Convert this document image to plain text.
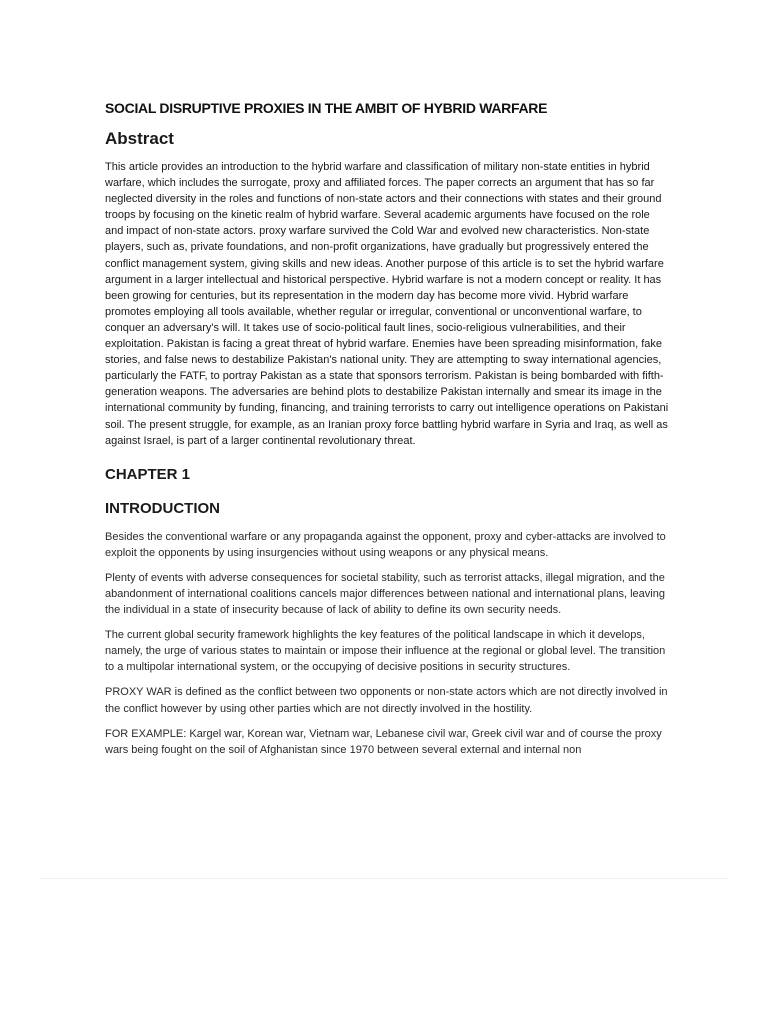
SOCIAL DISRUPTIVE PROXIES IN THE AMBIT OF HYBRID WARFARE
Abstract

This article provides an introduction to the hybrid warfare and classification of military non-state entities in hybrid warfare, which includes the surrogate, proxy and affiliated forces. The paper corrects an argument that has so far neglected diversity in the roles and functions of non-state actors and their connections with states and their ground troops by focusing on the kinetic realm of hybrid warfare. Several academic arguments have focused on the role and impact of non-state actors. proxy warfare survived the Cold War and evolved new characteristics. Non-state players, such as, private foundations, and non-profit organizations, have gradually but progressively entered the conflict management system, giving skills and new ideas. Another purpose of this article is to set the hybrid warfare argument in a larger intellectual and historical perspective. Hybrid warfare is not a modern concept or reality. It has been growing for centuries, but its representation in the modern day has become more vivid. Hybrid warfare promotes employing all tools available, whether regular or irregular, conventional or unconventional warfare, to conquer an adversary's will. It takes use of socio-political fault lines, socio-religious vulnerabilities, and their exploitation. Pakistan is facing a great threat of hybrid warfare. Enemies have been spreading misinformation, fake stories, and false news to destabilize Pakistan's national unity. They are attempting to sway international agencies, particularly the FATF, to portray Pakistan as a state that sponsors terrorism. Pakistan is being bombarded with fifth-generation weapons. The adversaries are behind plots to destabilize Pakistan internally and smear its image in the international community by funding, financing, and training terrorists to carry out intelligence operations on Pakistani soil. The present struggle, for example, as an Iranian proxy force battling hybrid warfare in Syria and Iraq, as well as against Israel, is part of a larger continental revolutionary threat.

CHAPTER 1
INTRODUCTION

Besides the conventional warfare or any propaganda against the opponent, proxy and cyber-attacks are involved to exploit the opponents by using insurgencies without using weapons or any physical means.

Plenty of events with adverse consequences for societal stability, such as terrorist attacks, illegal migration, and the abandonment of international coalitions cancels major differences between national and international plans, leaving the individual in a state of insecurity because of lack of ability to define its own security needs.

The current global security framework highlights the key features of the political landscape in which it develops, namely, the urge of various states to maintain or impose their influence at the regional or global level. The transition to a multipolar international system, or the occupying of decisive positions in security structures.

PROXY WAR is defined as the conflict between two opponents or non-state actors which are not directly involved in the conflict however by using other parties which are not directly involved in the hostility.

FOR EXAMPLE: Kargel war, Korean war, Vietnam war, Lebanese civil war, Greek civil war and of course the proxy wars being fought on the soil of Afghanistan since 1970 between several external and internal non
